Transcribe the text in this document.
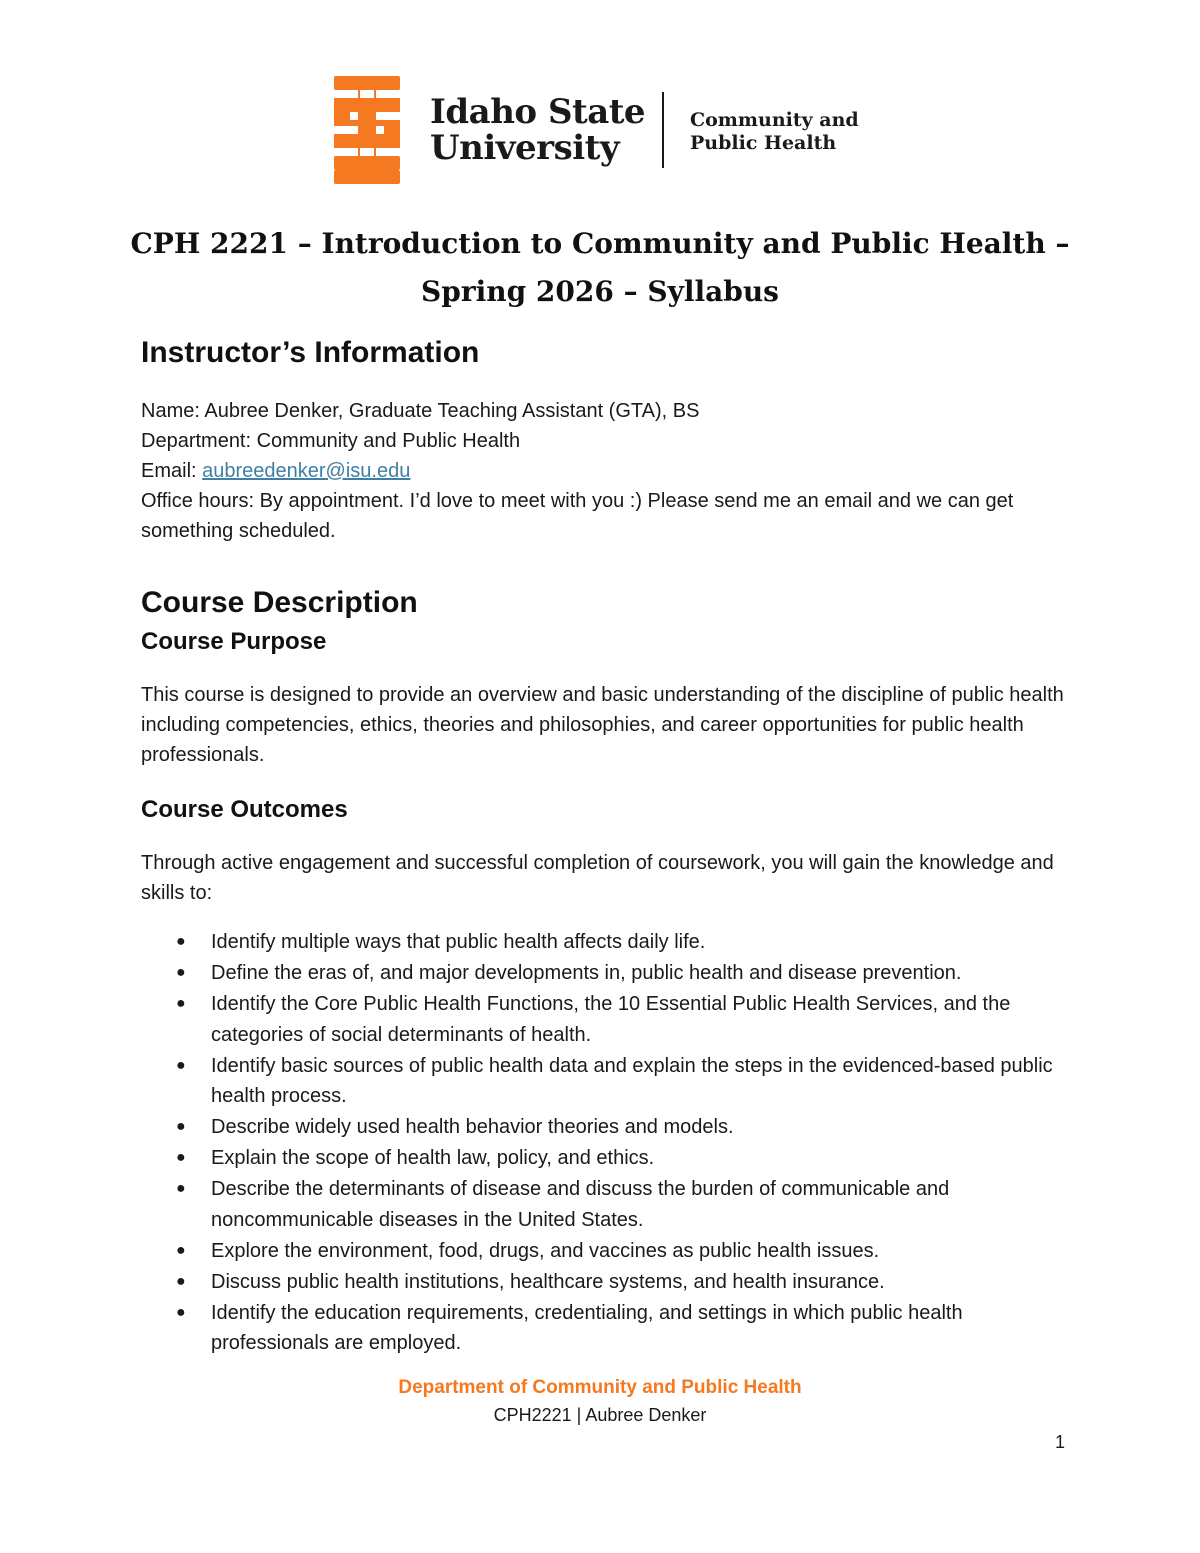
Idaho State
University
Community and
Public Health
CPH 2221 – Introduction to Community and Public Health –
Spring 2026 – Syllabus
Instructor’s Information
Name: Aubree Denker, Graduate Teaching Assistant (GTA), BS
Department: Community and Public Health
Email: aubreedenker@isu.edu
Office hours: By appointment. I’d love to meet with you :) Please send me an email and we can get something scheduled.
Course Description
Course Purpose

This course is designed to provide an overview and basic understanding of the discipline of public health including competencies, ethics, theories and philosophies, and career opportunities for public health professionals.

Course Outcomes

Through active engagement and successful completion of coursework, you will gain the knowledge and skills to:

● Identify multiple ways that public health affects daily life.
● Define the eras of, and major developments in, public health and disease prevention.
● Identify the Core Public Health Functions, the 10 Essential Public Health Services, and the categories of social determinants of health.
● Identify basic sources of public health data and explain the steps in the evidenced-based public health process.
● Describe widely used health behavior theories and models.
● Explain the scope of health law, policy, and ethics.
● Describe the determinants of disease and discuss the burden of communicable and noncommunicable diseases in the United States.
● Explore the environment, food, drugs, and vaccines as public health issues.
● Discuss public health institutions, healthcare systems, and health insurance.
● Identify the education requirements, credentialing, and settings in which public health professionals are employed.
Department of Community and Public Health
CPH2221 | Aubree Denker
1
